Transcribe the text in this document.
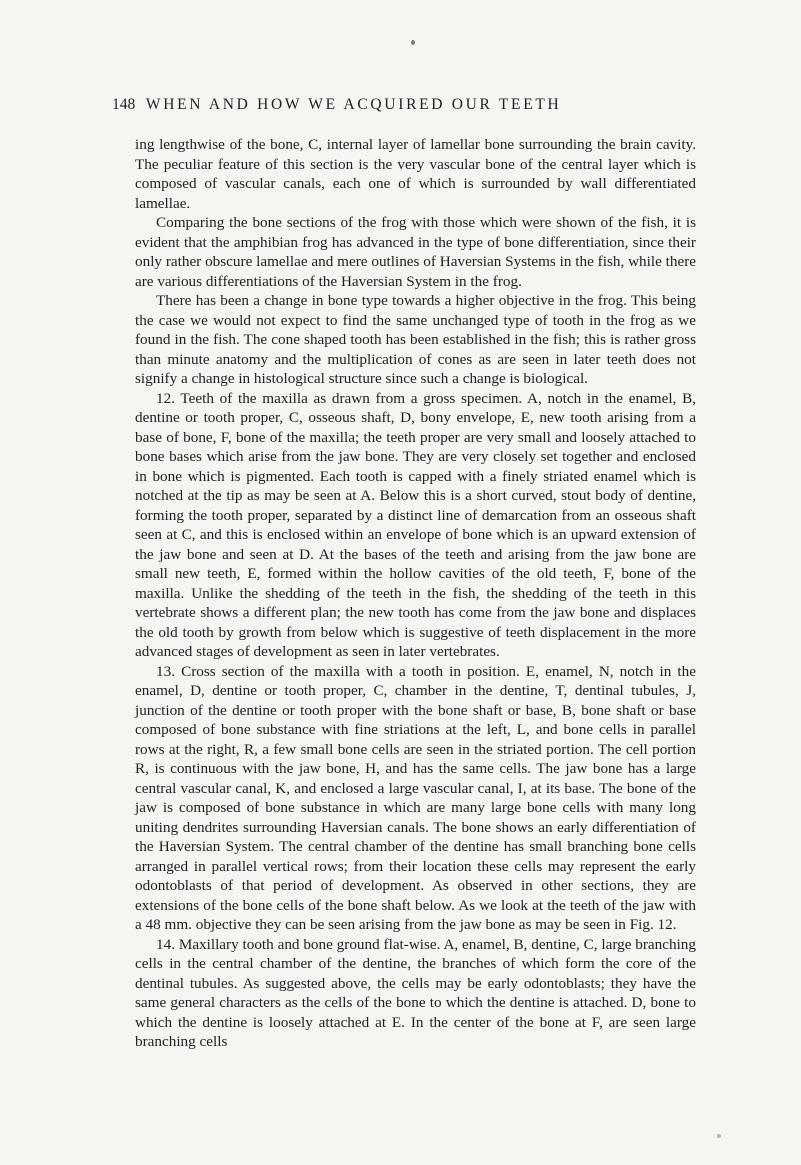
148 WHEN AND HOW WE ACQUIRED OUR TEETH

ing lengthwise of the bone, C, internal layer of lamellar bone surrounding the brain cavity. The peculiar feature of this section is the very vascular bone of the central layer which is composed of vascular canals, each one of which is surrounded by wall differentiated lamellae.

Comparing the bone sections of the frog with those which were shown of the fish, it is evident that the amphibian frog has advanced in the type of bone differentiation, since their only rather obscure lamellae and mere outlines of Haversian Systems in the fish, while there are various differentiations of the Haversian System in the frog.

There has been a change in bone type towards a higher objective in the frog. This being the case we would not expect to find the same unchanged type of tooth in the frog as we found in the fish. The cone shaped tooth has been established in the fish; this is rather gross than minute anatomy and the multiplication of cones as are seen in later teeth does not signify a change in histological structure since such a change is biological.

12. Teeth of the maxilla as drawn from a gross specimen. A, notch in the enamel, B, dentine or tooth proper, C, osseous shaft, D, bony envelope, E, new tooth arising from a base of bone, F, bone of the maxilla; the teeth proper are very small and loosely attached to bone bases which arise from the jaw bone. They are very closely set together and enclosed in bone which is pigmented. Each tooth is capped with a finely striated enamel which is notched at the tip as may be seen at A. Below this is a short curved, stout body of dentine, forming the tooth proper, separated by a distinct line of demarcation from an osseous shaft seen at C, and this is enclosed within an envelope of bone which is an upward extension of the jaw bone and seen at D. At the bases of the teeth and arising from the jaw bone are small new teeth, E, formed within the hollow cavities of the old teeth, F, bone of the maxilla. Unlike the shedding of the teeth in the fish, the shedding of the teeth in this vertebrate shows a different plan; the new tooth has come from the jaw bone and displaces the old tooth by growth from below which is suggestive of teeth displacement in the more advanced stages of development as seen in later vertebrates.

13. Cross section of the maxilla with a tooth in position. E, enamel, N, notch in the enamel, D, dentine or tooth proper, C, chamber in the dentine, T, dentinal tubules, J, junction of the dentine or tooth proper with the bone shaft or base, B, bone shaft or base composed of bone substance with fine striations at the left, L, and bone cells in parallel rows at the right, R, a few small bone cells are seen in the striated portion. The cell portion R, is continuous with the jaw bone, H, and has the same cells. The jaw bone has a large central vascular canal, K, and enclosed a large vascular canal, I, at its base. The bone of the jaw is composed of bone substance in which are many large bone cells with many long uniting dendrites surrounding Haversian canals. The bone shows an early differentiation of the Haversian System. The central chamber of the dentine has small branching bone cells arranged in parallel vertical rows; from their location these cells may represent the early odontoblasts of that period of development. As observed in other sections, they are extensions of the bone cells of the bone shaft below. As we look at the teeth of the jaw with a 48 mm. objective they can be seen arising from the jaw bone as may be seen in Fig. 12.

14. Maxillary tooth and bone ground flat-wise. A, enamel, B, dentine, C, large branching cells in the central chamber of the dentine, the branches of which form the core of the dentinal tubules. As suggested above, the cells may be early odontoblasts; they have the same general characters as the cells of the bone to which the dentine is attached. D, bone to which the dentine is loosely attached at E. In the center of the bone at F, are seen large branching cells
